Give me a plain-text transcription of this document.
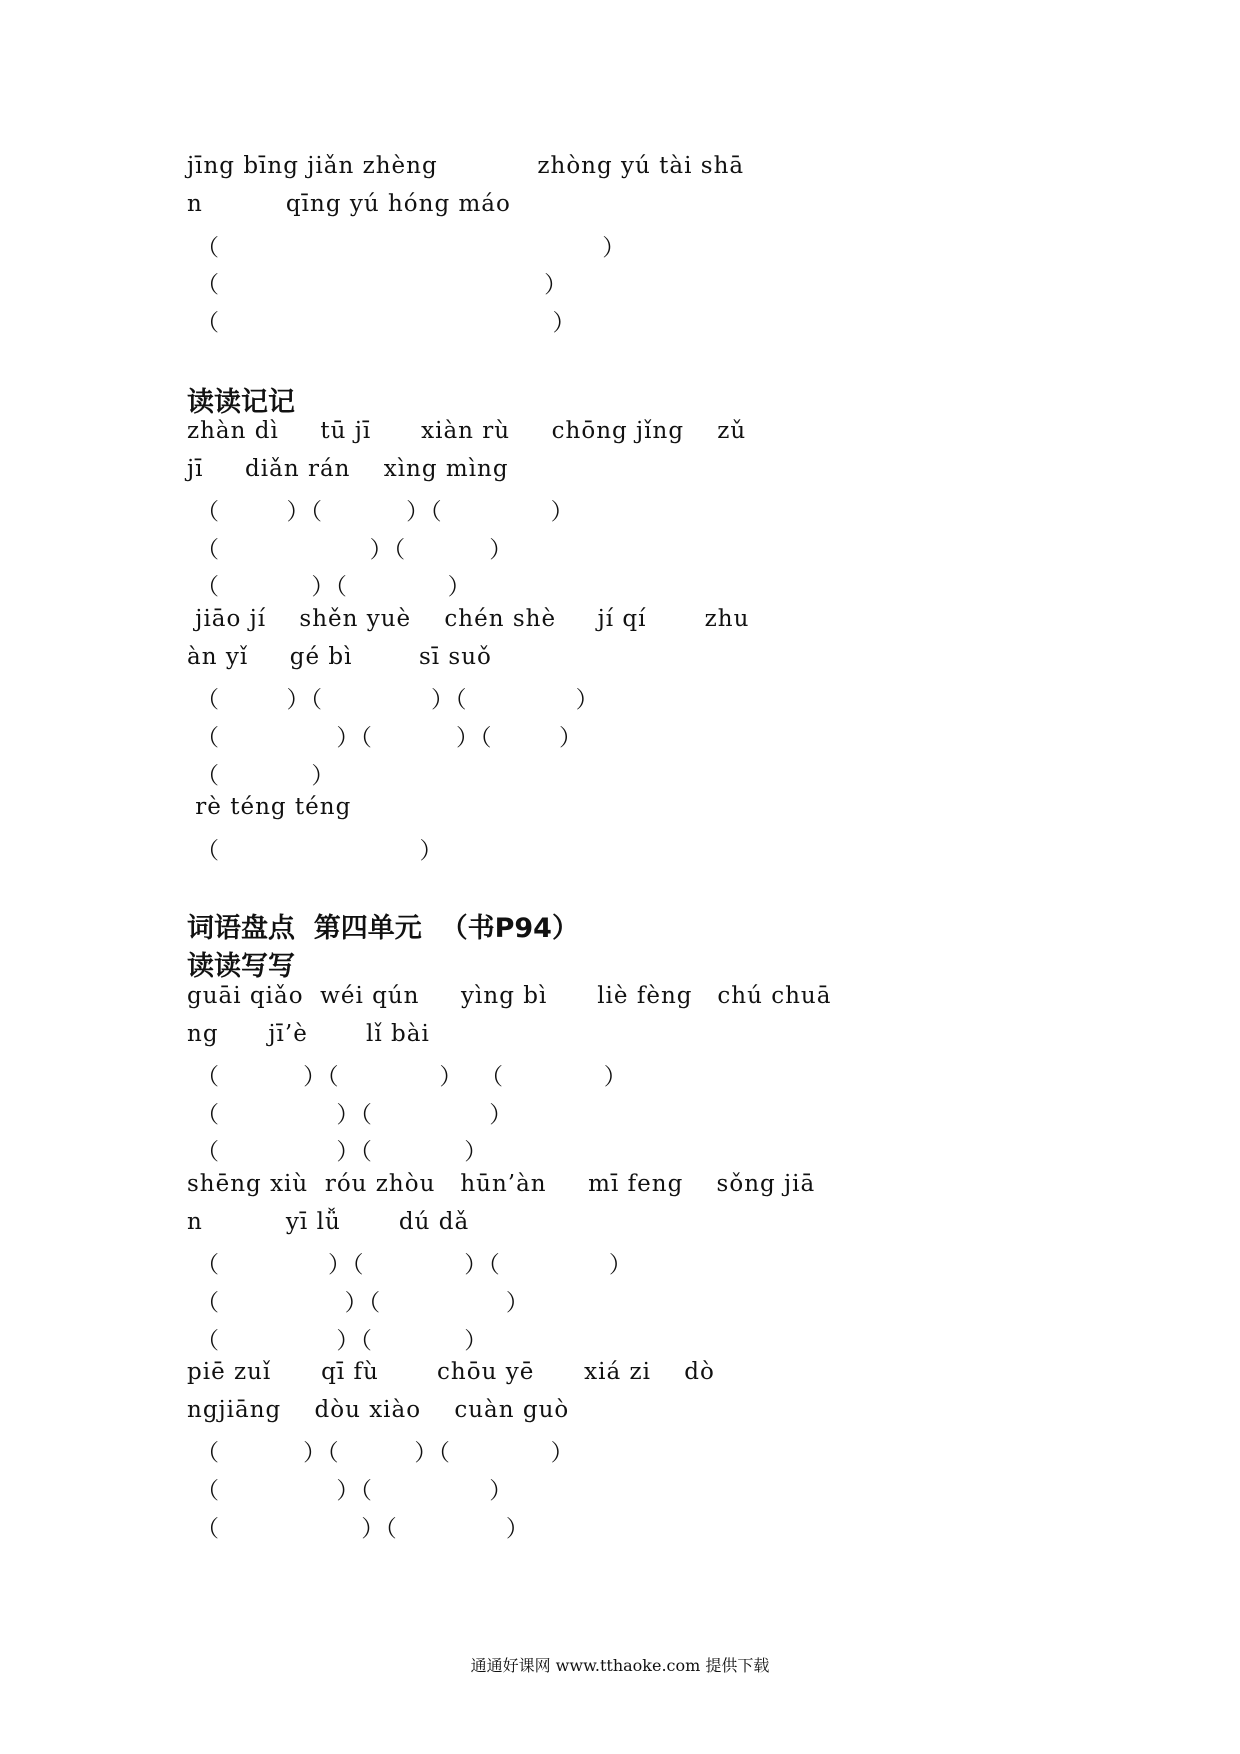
jīng bīng jiǎn zhèng            zhòng yú tài shā
n          qīng yú hóng máo
（                                              ）
（                                       ）
（                                        ）
读读记记
zhàn dì     tū jī      xiàn rù     chōng jǐng    zǔ
jī     diǎn rán    xìng mìng
（        ）（          ）（             ）
（                  ）（          ）
（           ）（            ）
jiāo jí    shěn yuè    chén shè     jí qí       zhu
àn yǐ     gé bì        sī suǒ
（        ）（             ）（             ）
（              ）（          ）（        ）
（           ）
rè téng téng
（                        ）
词语盘点  第四单元  （书P94）
读读写写
guāi qiǎo  wéi qún     yìng bì      liè fèng   chú chuā
ng      jī’è       lǐ bài
（          ）（            ）  （            ）
（              ）（              ）
（              ）（           ）
shēng xiù  róu zhòu   hūn’àn     mī feng    sǒng jiā
n          yī lǚ       dú dǎ
（             ）（            ）（             ）
（               ）（               ）
（              ）（           ）
piē zuǐ      qī fù       chōu yē      xiá zi    dò
ngjiāng    dòu xiào    cuàn guò
（          ）（         ）（            ）
（              ）（              ）
（                 ）（             ）
通通好课网 www.tthaoke.com 提供下载
